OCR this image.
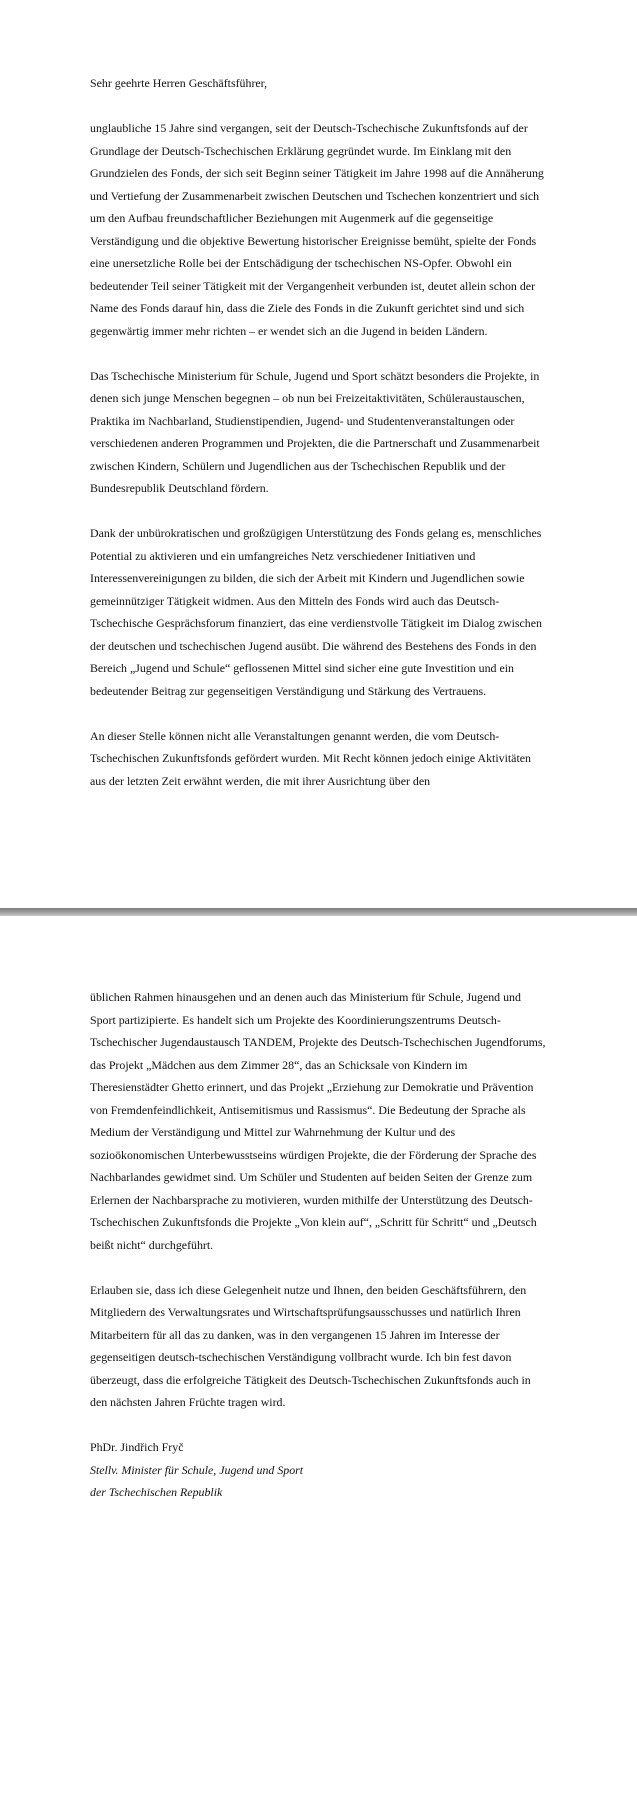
Sehr geehrte Herren Geschäftsführer,

unglaubliche 15 Jahre sind vergangen, seit der Deutsch-Tschechische Zukunftsfonds auf der Grundlage der Deutsch-Tschechischen Erklärung gegründet wurde. Im Einklang mit den Grundzielen des Fonds, der sich seit Beginn seiner Tätigkeit im Jahre 1998 auf die Annäherung und Vertiefung der Zusammenarbeit zwischen Deutschen und Tschechen konzentriert und sich um den Aufbau freundschaftlicher Beziehungen mit Augenmerk auf die gegenseitige Verständigung und die objektive Bewertung historischer Ereignisse bemüht, spielte der Fonds eine unersetzliche Rolle bei der Entschädigung der tschechischen NS-Opfer. Obwohl ein bedeutender Teil seiner Tätigkeit mit der Vergangenheit verbunden ist, deutet allein schon der Name des Fonds darauf hin, dass die Ziele des Fonds in die Zukunft gerichtet sind und sich gegenwärtig immer mehr richten – er wendet sich an die Jugend in beiden Ländern.

Das Tschechische Ministerium für Schule, Jugend und Sport schätzt besonders die Projekte, in denen sich junge Menschen begegnen – ob nun bei Freizeitaktivitäten, Schüleraustauschen, Praktika im Nachbarland, Studienstipendien, Jugend- und Studentenveranstaltungen oder verschiedenen anderen Programmen und Projekten, die die Partnerschaft und Zusammenarbeit zwischen Kindern, Schülern und Jugendlichen aus der Tschechischen Republik und der Bundesrepublik Deutschland fördern.

Dank der unbürokratischen und großzügigen Unterstützung des Fonds gelang es, menschliches Potential zu aktivieren und ein umfangreiches Netz verschiedener Initiativen und Interessenvereinigungen zu bilden, die sich der Arbeit mit Kindern und Jugendlichen sowie gemeinnütziger Tätigkeit widmen. Aus den Mitteln des Fonds wird auch das Deutsch-Tschechische Gesprächsforum finanziert, das eine verdienstvolle Tätigkeit im Dialog zwischen der deutschen und tschechischen Jugend ausübt. Die während des Bestehens des Fonds in den Bereich „Jugend und Schule“ geflossenen Mittel sind sicher eine gute Investition und ein bedeutender Beitrag zur gegenseitigen Verständigung und Stärkung des Vertrauens.

An dieser Stelle können nicht alle Veranstaltungen genannt werden, die vom Deutsch-Tschechischen Zukunftsfonds gefördert wurden. Mit Recht können jedoch einige Aktivitäten aus der letzten Zeit erwähnt werden, die mit ihrer Ausrichtung über den

üblichen Rahmen hinausgehen und an denen auch das Ministerium für Schule, Jugend und Sport partizipierte. Es handelt sich um Projekte des Koordinierungszentrums Deutsch-Tschechischer Jugendaustausch TANDEM, Projekte des Deutsch-Tschechischen Jugendforums, das Projekt „Mädchen aus dem Zimmer 28“, das an Schicksale von Kindern im Theresienstädter Ghetto erinnert, und das Projekt „Erziehung zur Demokratie und Prävention von Fremdenfeindlichkeit, Antisemitismus und Rassismus“. Die Bedeutung der Sprache als Medium der Verständigung und Mittel zur Wahrnehmung der Kultur und des sozioökonomischen Unterbewusstseins würdigen Projekte, die der Förderung der Sprache des Nachbarlandes gewidmet sind. Um Schüler und Studenten auf beiden Seiten der Grenze zum Erlernen der Nachbarsprache zu motivieren, wurden mithilfe der Unterstützung des Deutsch-Tschechischen Zukunftsfonds die Projekte „Von klein auf“, „Schritt für Schritt“ und „Deutsch beißt nicht“ durchgeführt.

Erlauben sie, dass ich diese Gelegenheit nutze und Ihnen, den beiden Geschäftsführern, den Mitgliedern des Verwaltungsrates und Wirtschaftsprüfungsausschusses und natürlich Ihren Mitarbeitern für all das zu danken, was in den vergangenen 15 Jahren im Interesse der gegenseitigen deutsch-tschechischen Verständigung vollbracht wurde. Ich bin fest davon überzeugt, dass die erfolgreiche Tätigkeit des Deutsch-Tschechischen Zukunftsfonds auch in den nächsten Jahren Früchte tragen wird.

PhDr. Jindřich Fryč
Stellv. Minister für Schule, Jugend und Sport
der Tschechischen Republik
